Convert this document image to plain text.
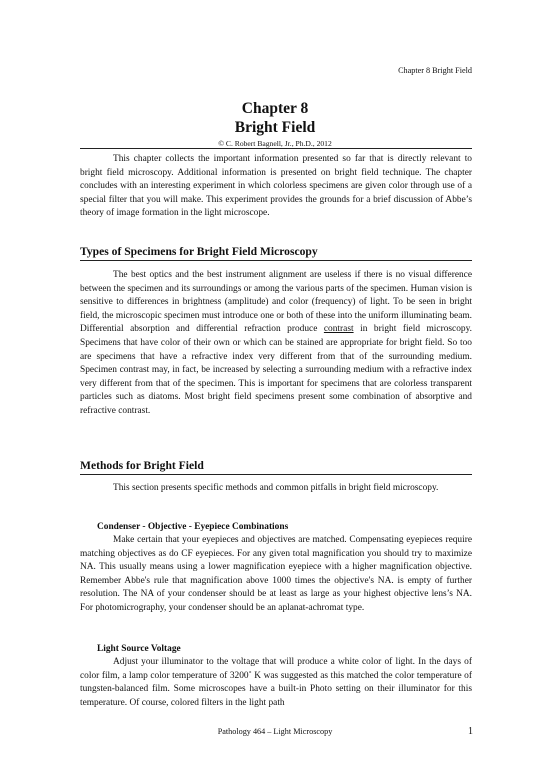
Chapter 8 Bright Field
Chapter 8
Bright Field
© C. Robert Bagnell, Jr., Ph.D., 2012

This chapter collects the important information presented so far that is directly relevant to bright field microscopy. Additional information is presented on bright field technique. The chapter concludes with an interesting experiment in which colorless specimens are given color through use of a special filter that you will make. This experiment provides the grounds for a brief discussion of Abbe’s theory of image formation in the light microscope.

Types of Specimens for Bright Field Microscopy

The best optics and the best instrument alignment are useless if there is no visual difference between the specimen and its surroundings or among the various parts of the specimen. Human vision is sensitive to differences in brightness (amplitude) and color (frequency) of light. To be seen in bright field, the microscopic specimen must introduce one or both of these into the uniform illuminating beam. Differential absorption and differential refraction produce contrast in bright field microscopy. Specimens that have color of their own or which can be stained are appropriate for bright field. So too are specimens that have a refractive index very different from that of the surrounding medium. Specimen contrast may, in fact, be increased by selecting a surrounding medium with a refractive index very different from that of the specimen. This is important for specimens that are colorless transparent particles such as diatoms. Most bright field specimens present some combination of absorptive and refractive contrast.

Methods for Bright Field

This section presents specific methods and common pitfalls in bright field microscopy.

Condenser - Objective - Eyepiece Combinations

Make certain that your eyepieces and objectives are matched. Compensating eyepieces require matching objectives as do CF eyepieces. For any given total magnification you should try to maximize NA. This usually means using a lower magnification eyepiece with a higher magnification objective. Remember Abbe's rule that magnification above 1000 times the objective's NA. is empty of further resolution. The NA of your condenser should be at least as large as your highest objective lens’s NA. For photomicrography, your condenser should be an aplanat-achromat type.

Light Source Voltage

Adjust your illuminator to the voltage that will produce a white color of light. In the days of color film, a lamp color temperature of 3200˚ K was suggested as this matched the color temperature of tungsten-balanced film. Some microscopes have a built-in Photo setting on their illuminator for this temperature. Of course, colored filters in the light path

Pathology 464 – Light Microscopy	1
